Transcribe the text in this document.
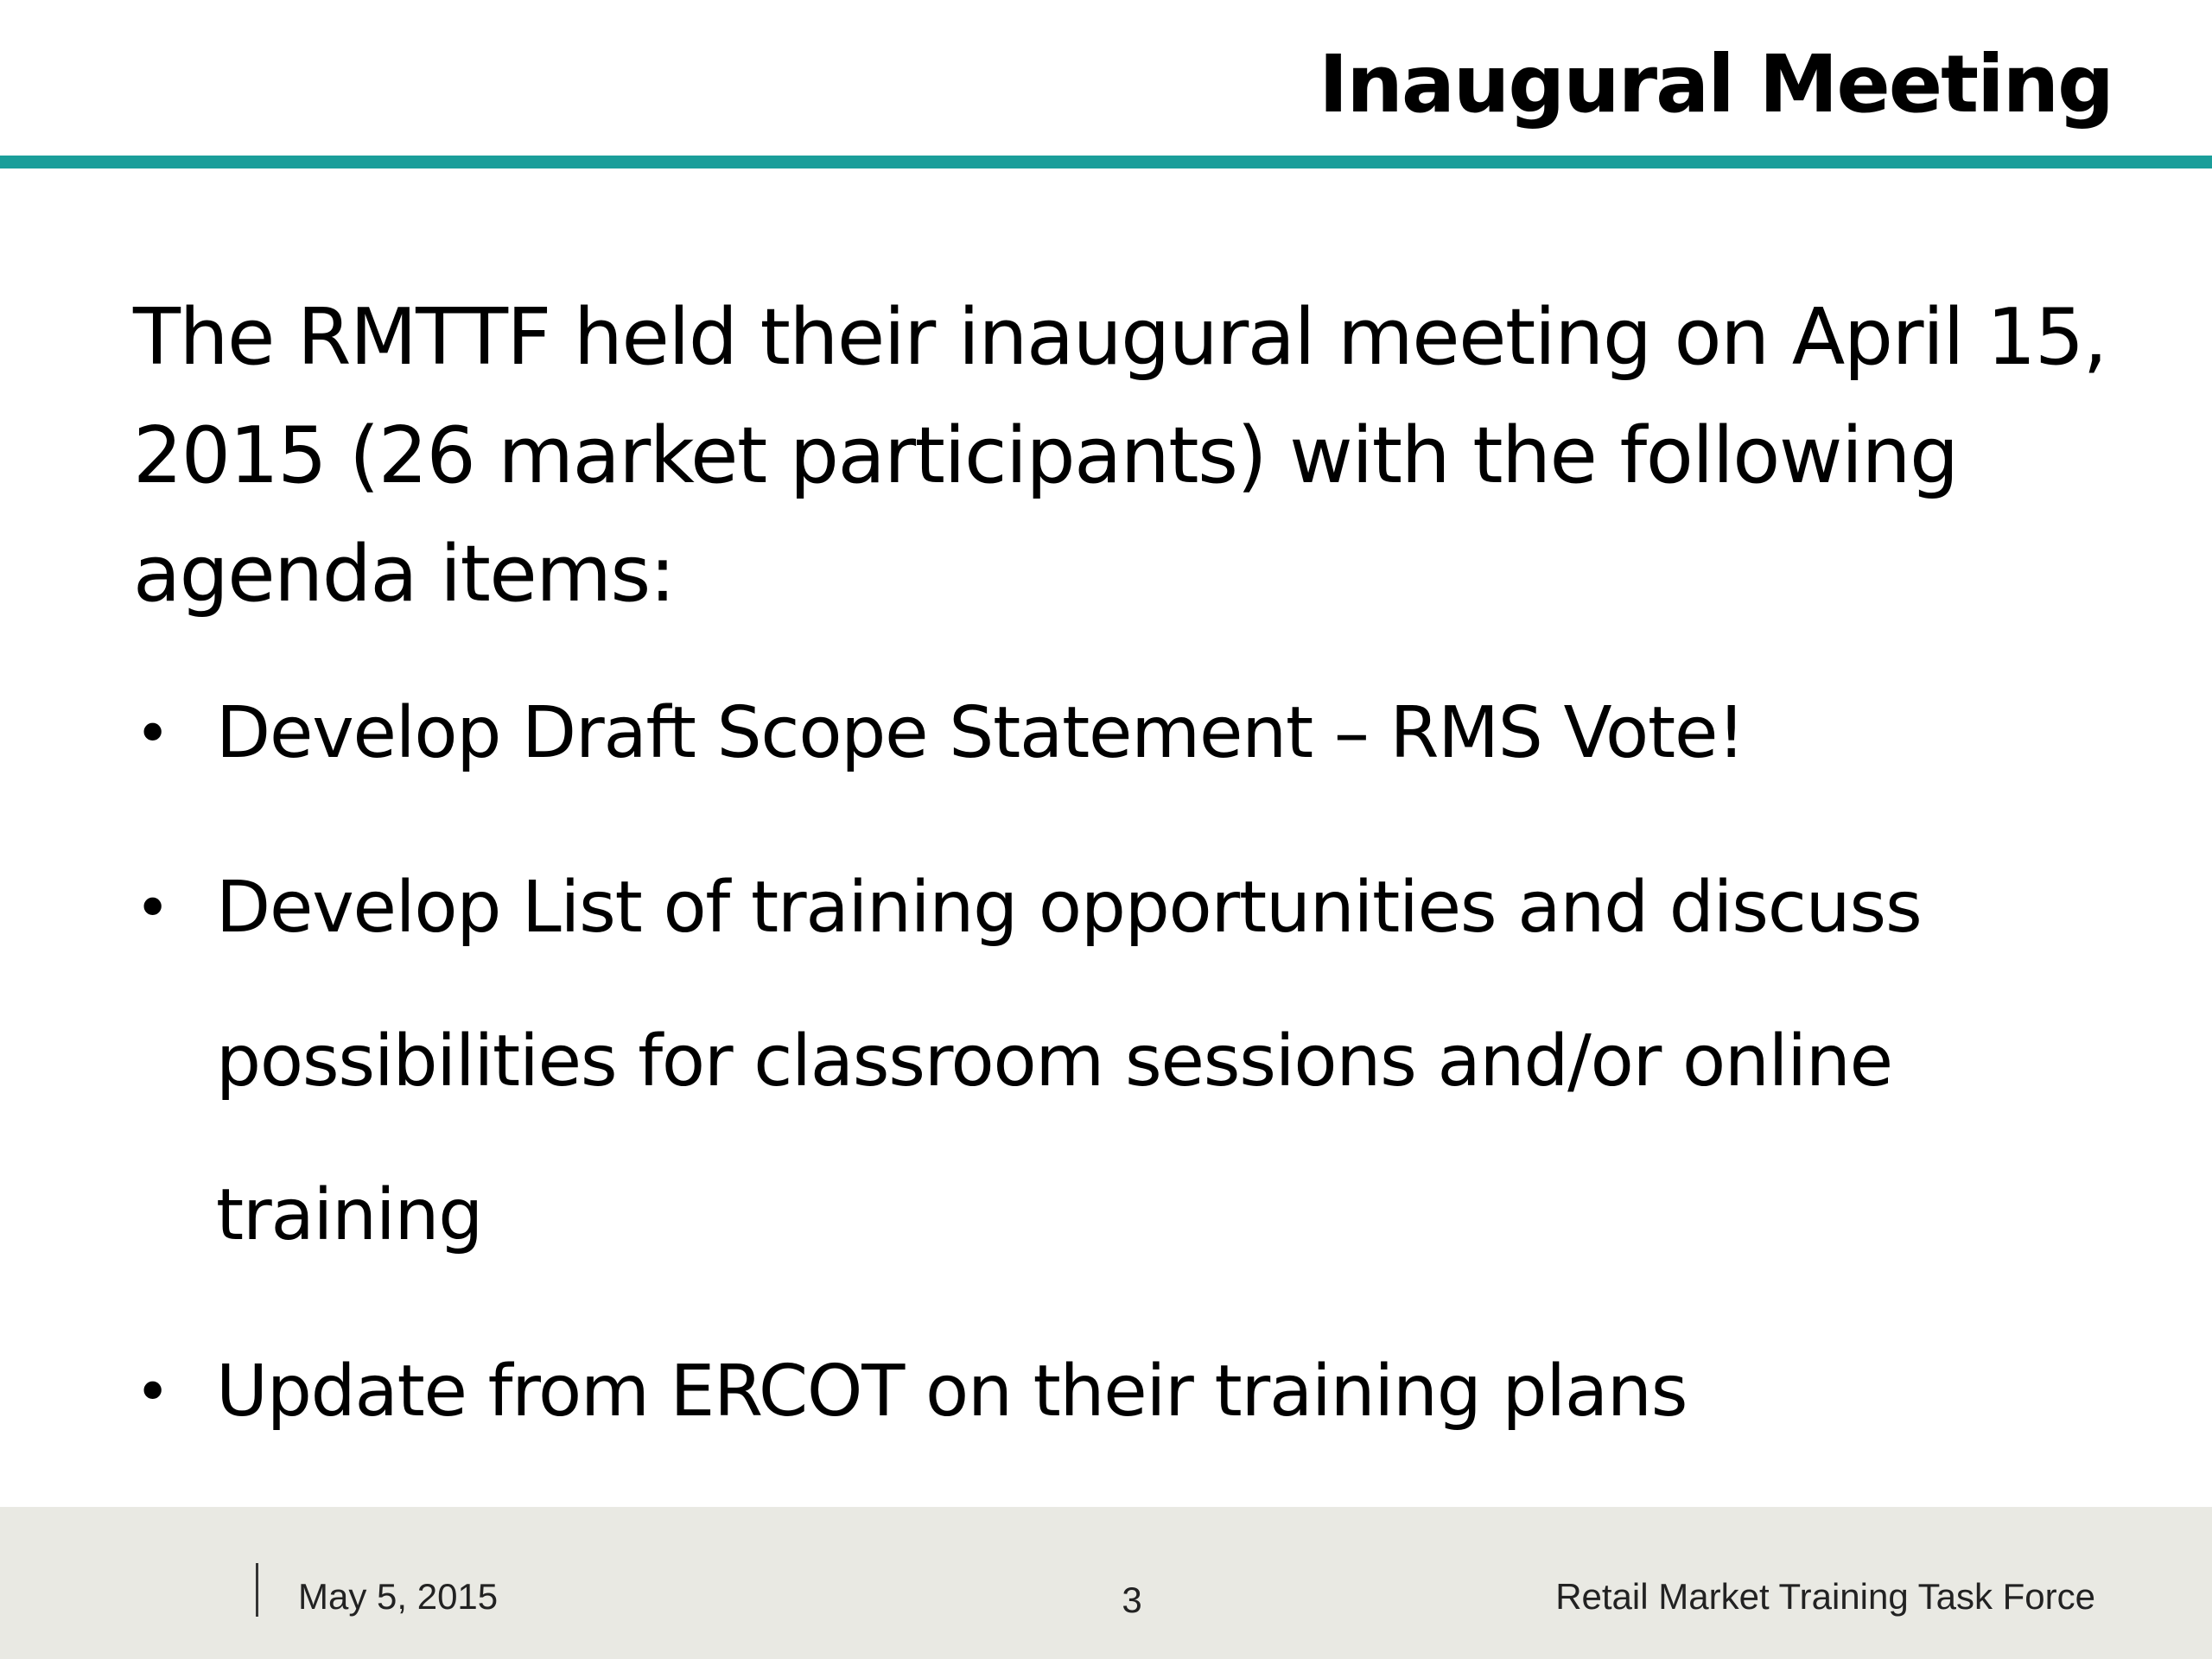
Inaugural Meeting

The RMTTF held their inaugural meeting on April 15, 2015 (26 market participants) with the following agenda items:

• Develop Draft Scope Statement – RMS Vote!
• Develop List of training opportunities and discuss possibilities for classroom sessions and/or online training
• Update from ERCOT on their training plans
May 5, 2015	3	Retail Market Training Task Force
